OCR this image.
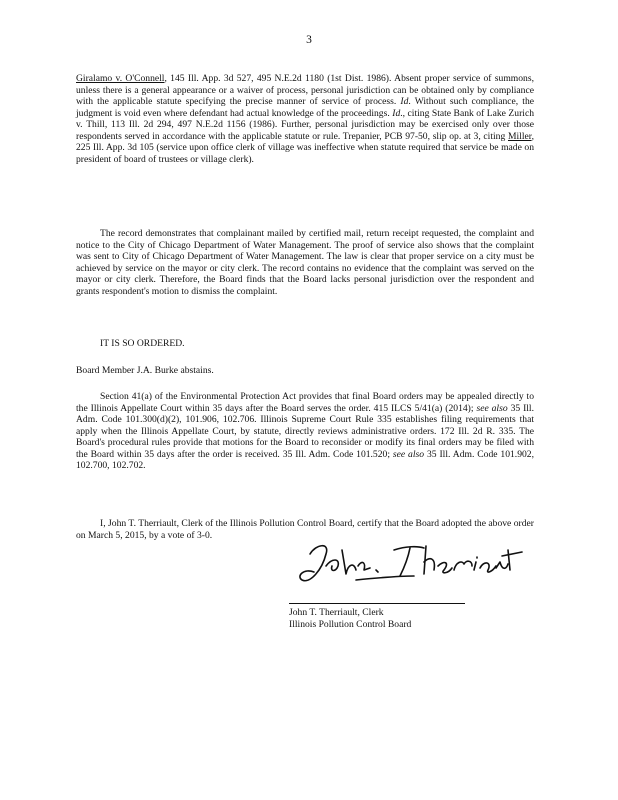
3

Giralamo v. O'Connell, 145 Ill. App. 3d 527, 495 N.E.2d 1180 (1st Dist. 1986). Absent proper service of summons, unless there is a general appearance or a waiver of process, personal jurisdiction can be obtained only by compliance with the applicable statute specifying the precise manner of service of process. Id. Without such compliance, the judgment is void even where defendant had actual knowledge of the proceedings. Id., citing State Bank of Lake Zurich v. Thill, 113 Ill. 2d 294, 497 N.E.2d 1156 (1986). Further, personal jurisdiction may be exercised only over those respondents served in accordance with the applicable statute or rule. Trepanier, PCB 97-50, slip op. at 3, citing Miller, 225 Ill. App. 3d 105 (service upon office clerk of village was ineffective when statute required that service be made on president of board of trustees or village clerk).

The record demonstrates that complainant mailed by certified mail, return receipt requested, the complaint and notice to the City of Chicago Department of Water Management. The proof of service also shows that the complaint was sent to City of Chicago Department of Water Management. The law is clear that proper service on a city must be achieved by service on the mayor or city clerk. The record contains no evidence that the complaint was served on the mayor or city clerk. Therefore, the Board finds that the Board lacks personal jurisdiction over the respondent and grants respondent's motion to dismiss the complaint.

IT IS SO ORDERED.

Board Member J.A. Burke abstains.

Section 41(a) of the Environmental Protection Act provides that final Board orders may be appealed directly to the Illinois Appellate Court within 35 days after the Board serves the order. 415 ILCS 5/41(a) (2014); see also 35 Ill. Adm. Code 101.300(d)(2), 101.906, 102.706. Illinois Supreme Court Rule 335 establishes filing requirements that apply when the Illinois Appellate Court, by statute, directly reviews administrative orders. 172 Ill. 2d R. 335. The Board's procedural rules provide that motions for the Board to reconsider or modify its final orders may be filed with the Board within 35 days after the order is received. 35 Ill. Adm. Code 101.520; see also 35 Ill. Adm. Code 101.902, 102.700, 102.702.

I, John T. Therriault, Clerk of the Illinois Pollution Control Board, certify that the Board adopted the above order on March 5, 2015, by a vote of 3-0.

John T. Therriault, Clerk
Illinois Pollution Control Board
